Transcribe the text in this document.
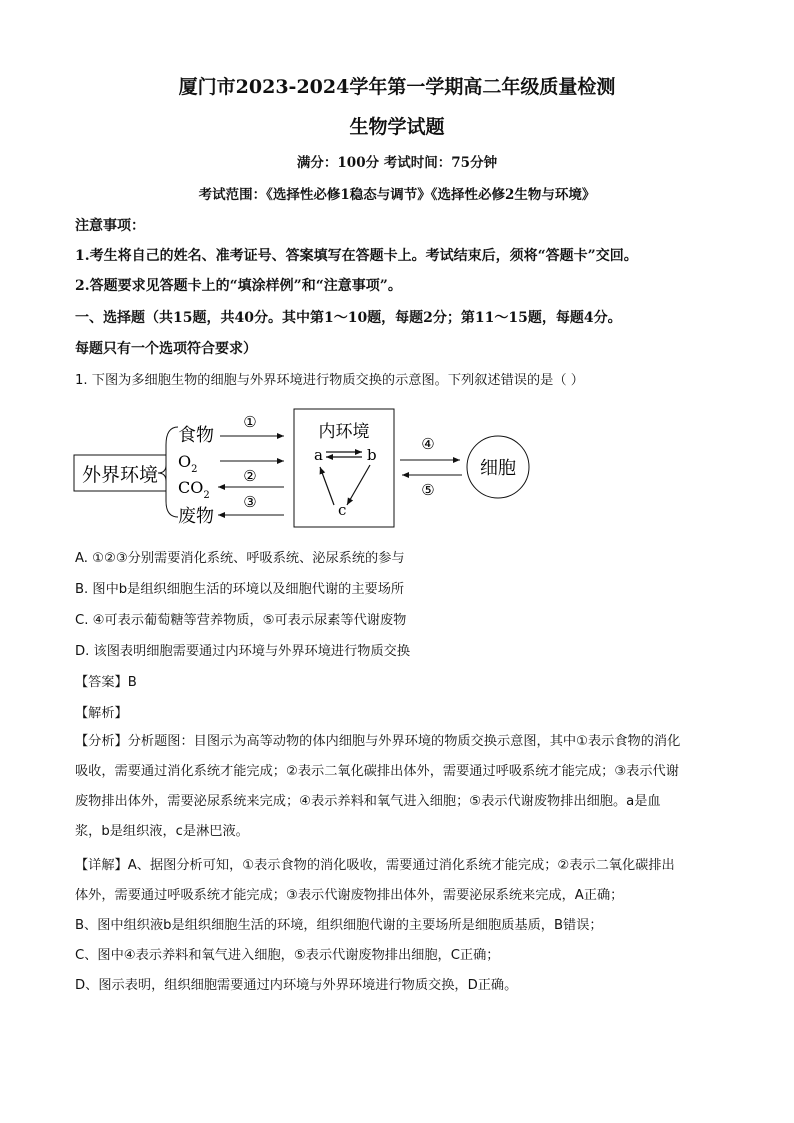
厦门市2023-2024学年第一学期高二年级质量检测
生物学试题
满分：100分 考试时间：75分钟
考试范围：《选择性必修1稳态与调节》《选择性必修2生物与环境》
注意事项：
1.考生将自己的姓名、准考证号、答案填写在答题卡上。考试结束后，须将“答题卡”交回。
2.答题要求见答题卡上的“填涂样例”和“注意事项”。
一、选择题（共15题，共40分。其中第1～10题，每题2分；第11～15题，每题4分。
每题只有一个选项符合要求）
1. 下图为多细胞生物的细胞与外界环境进行物质交换的示意图。下列叙述错误的是（ ）
外界环境
食物
$O_2$
$CO_2$
废物
①
②
③
内环境
a	b
c
④
⑤
细胞
A. ①②③分别需要消化系统、呼吸系统、泌尿系统的参与
B. 图中b是组织细胞生活的环境以及细胞代谢的主要场所
C. ④可表示葡萄糖等营养物质，⑤可表示尿素等代谢废物
D. 该图表明细胞需要通过内环境与外界环境进行物质交换
【答案】B
【解析】
【分析】分析题图：目图示为高等动物的体内细胞与外界环境的物质交换示意图，其中①表示食物的消化
吸收，需要通过消化系统才能完成；②表示二氧化碳排出体外，需要通过呼吸系统才能完成；③表示代谢
废物排出体外，需要泌尿系统来完成；④表示养料和氧气进入细胞；⑤表示代谢废物排出细胞。a是血
浆，b是组织液，c是淋巴液。
【详解】A、据图分析可知，①表示食物的消化吸收，需要通过消化系统才能完成；②表示二氧化碳排出
体外，需要通过呼吸系统才能完成；③表示代谢废物排出体外，需要泌尿系统来完成，A正确；
B、图中组织液b是组织细胞生活的环境，组织细胞代谢的主要场所是细胞质基质，B错误；
C、图中④表示养料和氧气进入细胞，⑤表示代谢废物排出细胞，C正确；
D、图示表明，组织细胞需要通过内环境与外界环境进行物质交换，D正确。
